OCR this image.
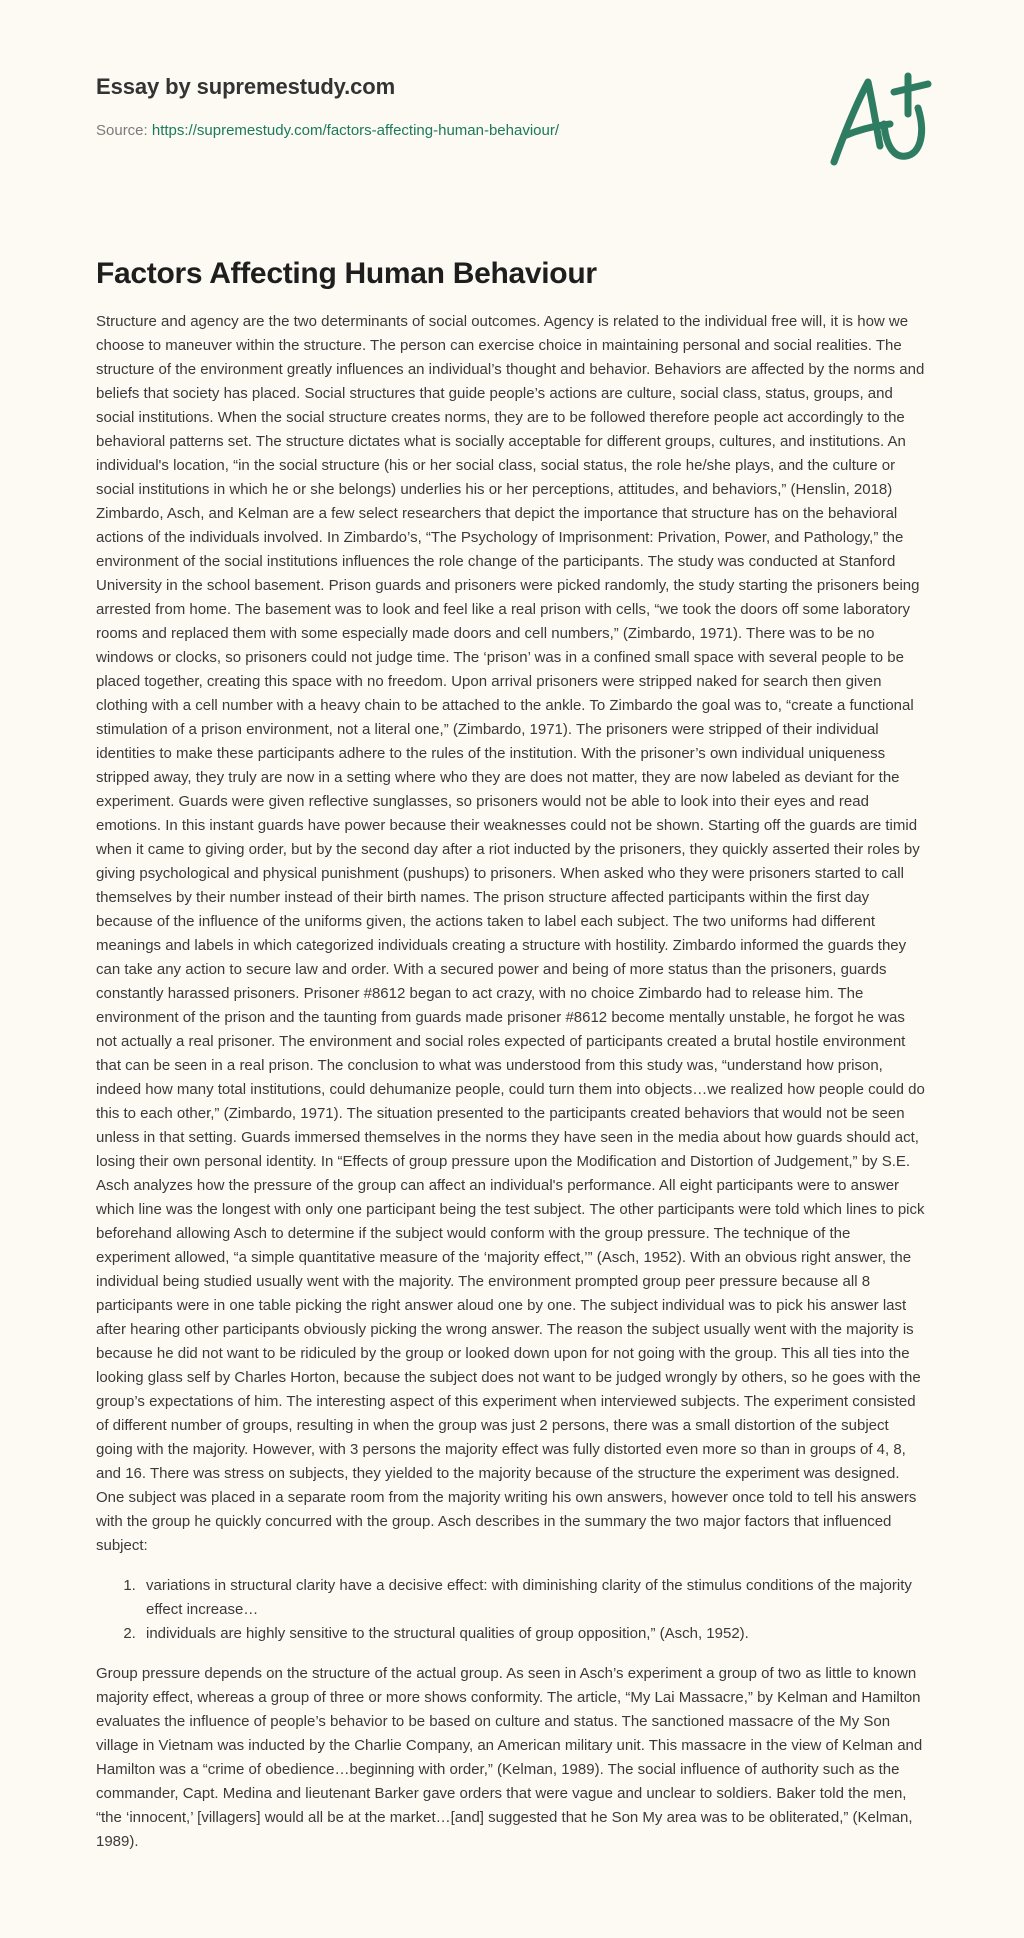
Essay by supremestudy.com
Source: https://supremestudy.com/factors-affecting-human-behaviour/
Factors Affecting Human Behaviour

Structure and agency are the two determinants of social outcomes. Agency is related to the individual free will, it is how we choose to maneuver within the structure. The person can exercise choice in maintaining personal and social realities. The structure of the environment greatly influences an individual’s thought and behavior. Behaviors are affected by the norms and beliefs that society has placed. Social structures that guide people’s actions are culture, social class, status, groups, and social institutions. When the social structure creates norms, they are to be followed therefore people act accordingly to the behavioral patterns set. The structure dictates what is socially acceptable for different groups, cultures, and institutions. An individual's location, “in the social structure (his or her social class, social status, the role he/she plays, and the culture or social institutions in which he or she belongs) underlies his or her perceptions, attitudes, and behaviors,” (Henslin, 2018) Zimbardo, Asch, and Kelman are a few select researchers that depict the importance that structure has on the behavioral actions of the individuals involved. In Zimbardo’s, “The Psychology of Imprisonment: Privation, Power, and Pathology,” the environment of the social institutions influences the role change of the participants. The study was conducted at Stanford University in the school basement. Prison guards and prisoners were picked randomly, the study starting the prisoners being arrested from home. The basement was to look and feel like a real prison with cells, “we took the doors off some laboratory rooms and replaced them with some especially made doors and cell numbers,” (Zimbardo, 1971). There was to be no windows or clocks, so prisoners could not judge time. The ‘prison’ was in a confined small space with several people to be placed together, creating this space with no freedom. Upon arrival prisoners were stripped naked for search then given clothing with a cell number with a heavy chain to be attached to the ankle. To Zimbardo the goal was to, “create a functional stimulation of a prison environment, not a literal one,” (Zimbardo, 1971). The prisoners were stripped of their individual identities to make these participants adhere to the rules of the institution. With the prisoner’s own individual uniqueness stripped away, they truly are now in a setting where who they are does not matter, they are now labeled as deviant for the experiment. Guards were given reflective sunglasses, so prisoners would not be able to look into their eyes and read emotions. In this instant guards have power because their weaknesses could not be shown. Starting off the guards are timid when it came to giving order, but by the second day after a riot inducted by the prisoners, they quickly asserted their roles by giving psychological and physical punishment (pushups) to prisoners. When asked who they were prisoners started to call themselves by their number instead of their birth names. The prison structure affected participants within the first day because of the influence of the uniforms given, the actions taken to label each subject. The two uniforms had different meanings and labels in which categorized individuals creating a structure with hostility. Zimbardo informed the guards they can take any action to secure law and order. With a secured power and being of more status than the prisoners, guards constantly harassed prisoners. Prisoner #8612 began to act crazy, with no choice Zimbardo had to release him. The environment of the prison and the taunting from guards made prisoner #8612 become mentally unstable, he forgot he was not actually a real prisoner. The environment and social roles expected of participants created a brutal hostile environment that can be seen in a real prison. The conclusion to what was understood from this study was, “understand how prison, indeed how many total institutions, could dehumanize people, could turn them into objects…we realized how people could do this to each other,” (Zimbardo, 1971). The situation presented to the participants created behaviors that would not be seen unless in that setting. Guards immersed themselves in the norms they have seen in the media about how guards should act, losing their own personal identity. In “Effects of group pressure upon the Modification and Distortion of Judgement,” by S.E. Asch analyzes how the pressure of the group can affect an individual's performance. All eight participants were to answer which line was the longest with only one participant being the test subject. The other participants were told which lines to pick beforehand allowing Asch to determine if the subject would conform with the group pressure. The technique of the experiment allowed, “a simple quantitative measure of the ‘majority effect,’” (Asch, 1952). With an obvious right answer, the individual being studied usually went with the majority. The environment prompted group peer pressure because all 8 participants were in one table picking the right answer aloud one by one. The subject individual was to pick his answer last after hearing other participants obviously picking the wrong answer. The reason the subject usually went with the majority is because he did not want to be ridiculed by the group or looked down upon for not going with the group. This all ties into the looking glass self by Charles Horton, because the subject does not want to be judged wrongly by others, so he goes with the group’s expectations of him. The interesting aspect of this experiment when interviewed subjects. The experiment consisted of different number of groups, resulting in when the group was just 2 persons, there was a small distortion of the subject going with the majority. However, with 3 persons the majority effect was fully distorted even more so than in groups of 4, 8, and 16. There was stress on subjects, they yielded to the majority because of the structure the experiment was designed. One subject was placed in a separate room from the majority writing his own answers, however once told to tell his answers with the group he quickly concurred with the group. Asch describes in the summary the two major factors that influenced subject:

1. variations in structural clarity have a decisive effect: with diminishing clarity of the stimulus conditions of the majority effect increase…
2. individuals are highly sensitive to the structural qualities of group opposition,” (Asch, 1952).

Group pressure depends on the structure of the actual group. As seen in Asch’s experiment a group of two as little to known majority effect, whereas a group of three or more shows conformity. The article, “My Lai Massacre,” by Kelman and Hamilton evaluates the influence of people’s behavior to be based on culture and status. The sanctioned massacre of the My Son village in Vietnam was inducted by the Charlie Company, an American military unit. This massacre in the view of Kelman and Hamilton was a “crime of obedience…beginning with order,” (Kelman, 1989). The social influence of authority such as the commander, Capt. Medina and lieutenant Barker gave orders that were vague and unclear to soldiers. Baker told the men, “the ‘innocent,’ [villagers] would all be at the market…[and] suggested that he Son My area was to be obliterated,” (Kelman, 1989).
